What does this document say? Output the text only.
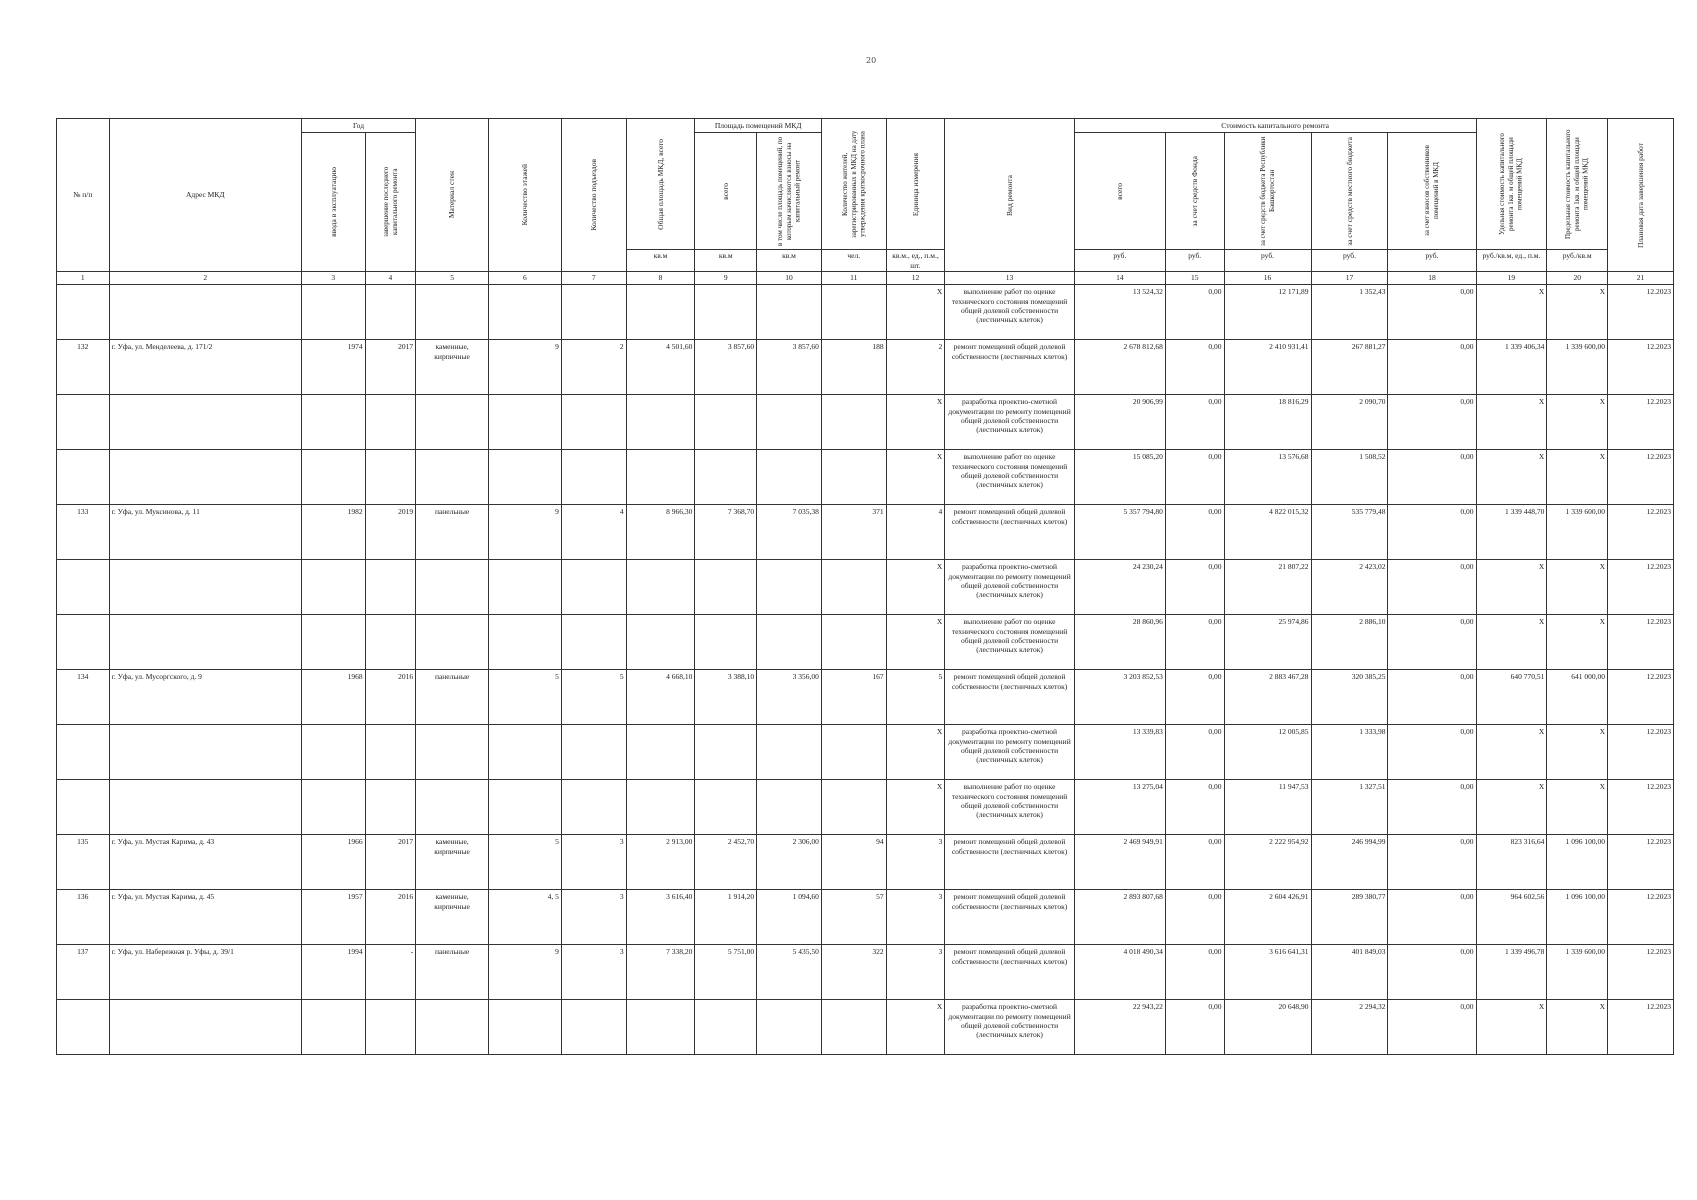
20
№ п/п	Адрес МКД	Год		Материал стен	Количество этажей	Количество подъездов	Общая площадь МКД, всего	Площадь помещений МКД		Количество жителей, зарегистрированных в МКД на дату утверждения краткосрочного плана	Единица измерения	Вид ремонта	Стоимость капитального ремонта					Удельная стоимость капитального ремонта 1кв. м общей площади помещений МКД	Предельная стоимость капитального ремонта 1кв. м общей площади помещений МКД	Плановая дата завершения работ

		ввода в эксплуатацию	завершение последнего капитального ремонта					всего	в том числе площадь помещений, по которым начисляются взносы на капитальный ремонт				всего	за счет средств Фонда	за счет средств бюджета Республики Башкортостан	за счет средств местного бюджета	за счет взносов собственников помещений в МКД			

							кв.м	кв.м	кв.м	чел.	кв.м., ед., п.м., шт.		руб.	руб.	руб.	руб.	руб.	руб./кв.м, ед., п.м.	руб./кв.м	
1	2	3	4	5	6	7	8	9	10	11	12	13	14	15	16	17	18	19	20	21
											X	выполнение работ по оценке технического состояния помещений общей долевой собственности (лестничных клеток)	13 524,32	0,00	12 171,89	1 352,43	0,00	X	X	12.2023
132	г. Уфа, ул. Менделеева, д. 171/2	1974	2017	каменные, кирпичные	9	2	4 501,60	3 857,60	3 857,60	188	2	ремонт помещений общей долевой собственности (лестничных клеток)	2 678 812,68	0,00	2 410 931,41	267 881,27	0,00	1 339 406,34	1 339 600,00	12.2023
											X	разработка проектно-сметной документации по ремонту помещений общей долевой собственности (лестничных клеток)	20 906,99	0,00	18 816,29	2 090,70	0,00	X	X	12.2023
											X	выполнение работ по оценке технического состояния помещений общей долевой собственности (лестничных клеток)	15 085,20	0,00	13 576,68	1 508,52	0,00	X	X	12.2023
133	г. Уфа, ул. Муксинова, д. 11	1982	2019	панельные	9	4	8 966,30	7 368,70	7 035,38	371	4	ремонт помещений общей долевой собственности (лестничных клеток)	5 357 794,80	0,00	4 822 015,32	535 779,48	0,00	1 339 448,70	1 339 600,00	12.2023
											X	разработка проектно-сметной документации по ремонту помещений общей долевой собственности (лестничных клеток)	24 230,24	0,00	21 807,22	2 423,02	0,00	X	X	12.2023
											X	выполнение работ по оценке технического состояния помещений общей долевой собственности (лестничных клеток)	28 860,96	0,00	25 974,86	2 886,10	0,00	X	X	12.2023
134	г. Уфа, ул. Мусоргского, д. 9	1968	2016	панельные	5	5	4 668,10	3 388,10	3 356,00	167	5	ремонт помещений общей долевой собственности (лестничных клеток)	3 203 852,53	0,00	2 883 467,28	320 385,25	0,00	640 770,51	641 000,00	12.2023
											X	разработка проектно-сметной документации по ремонту помещений общей долевой собственности (лестничных клеток)	13 339,83	0,00	12 005,85	1 333,98	0,00	X	X	12.2023
											X	выполнение работ по оценке технического состояния помещений общей долевой собственности (лестничных клеток)	13 275,04	0,00	11 947,53	1 327,51	0,00	X	X	12.2023
135	г. Уфа, ул. Мустая Карима, д. 43	1966	2017	каменные, кирпичные	5	3	2 913,00	2 452,70	2 306,00	94	3	ремонт помещений общей долевой собственности (лестничных клеток)	2 469 949,91	0,00	2 222 954,92	246 994,99	0,00	823 316,64	1 096 100,00	12.2023
136	г. Уфа, ул. Мустая Карима, д. 45	1957	2016	каменные, кирпичные	4, 5	3	3 616,40	1 914,20	1 094,60	57	3	ремонт помещений общей долевой собственности (лестничных клеток)	2 893 807,68	0,00	2 604 426,91	289 380,77	0,00	964 602,56	1 096 100,00	12.2023
137	г. Уфа, ул. Набережная р. Уфы, д. 39/1	1994	-	панельные	9	3	7 338,20	5 751,00	5 435,50	322	3	ремонт помещений общей долевой собственности (лестничных клеток)	4 018 490,34	0,00	3 616 641,31	401 849,03	0,00	1 339 496,78	1 339 600,00	12.2023
											X	разработка проектно-сметной документации по ремонту помещений общей долевой собственности (лестничных клеток)	22 943,22	0,00	20 648,90	2 294,32	0,00	X	X	12.2023
